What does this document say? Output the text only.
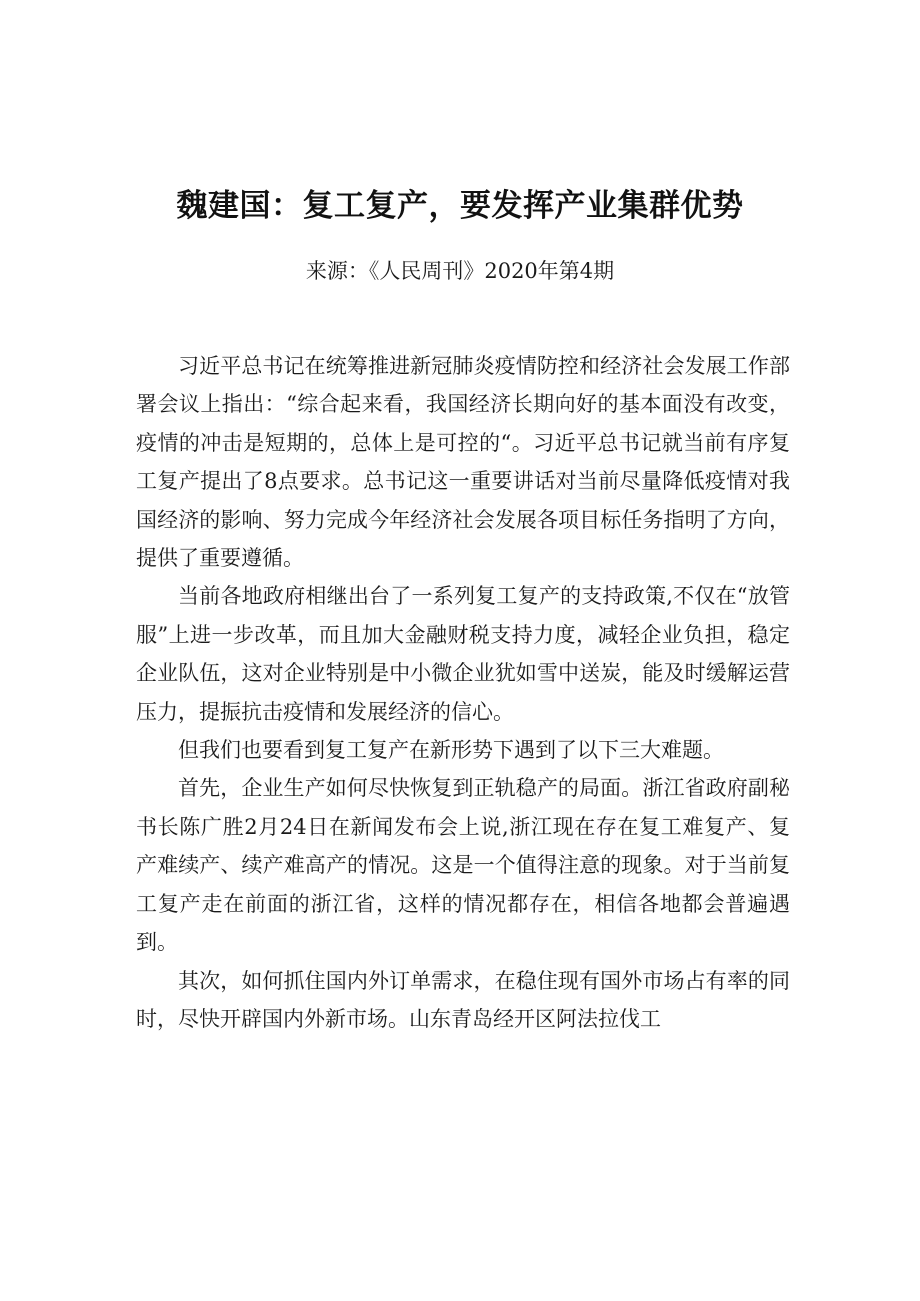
魏建国：复工复产，要发挥产业集群优势
来源：《人民周刊》2020年第4期

习近平总书记在统筹推进新冠肺炎疫情防控和经济社会发展工作部署会议上指出：“综合起来看，我国经济长期向好的基本面没有改变，疫情的冲击是短期的，总体上是可控的“。习近平总书记就当前有序复工复产提出了8点要求。总书记这一重要讲话对当前尽量降低疫情对我国经济的影响、努力完成今年经济社会发展各项目标任务指明了方向，提供了重要遵循。

当前各地政府相继出台了一系列复工复产的支持政策,不仅在“放管服”上进一步改革，而且加大金融财税支持力度，减轻企业负担，稳定企业队伍，这对企业特别是中小微企业犹如雪中送炭，能及时缓解运营压力，提振抗击疫情和发展经济的信心。

但我们也要看到复工复产在新形势下遇到了以下三大难题。

首先，企业生产如何尽快恢复到正轨稳产的局面。浙江省政府副秘书长陈广胜2月24日在新闻发布会上说,浙江现在存在复工难复产、复产难续产、续产难高产的情况。这是一个值得注意的现象。对于当前复工复产走在前面的浙江省，这样的情况都存在，相信各地都会普遍遇到。

其次，如何抓住国内外订单需求，在稳住现有国外市场占有率的同时，尽快开辟国内外新市场。山东青岛经开区阿法拉伐工
